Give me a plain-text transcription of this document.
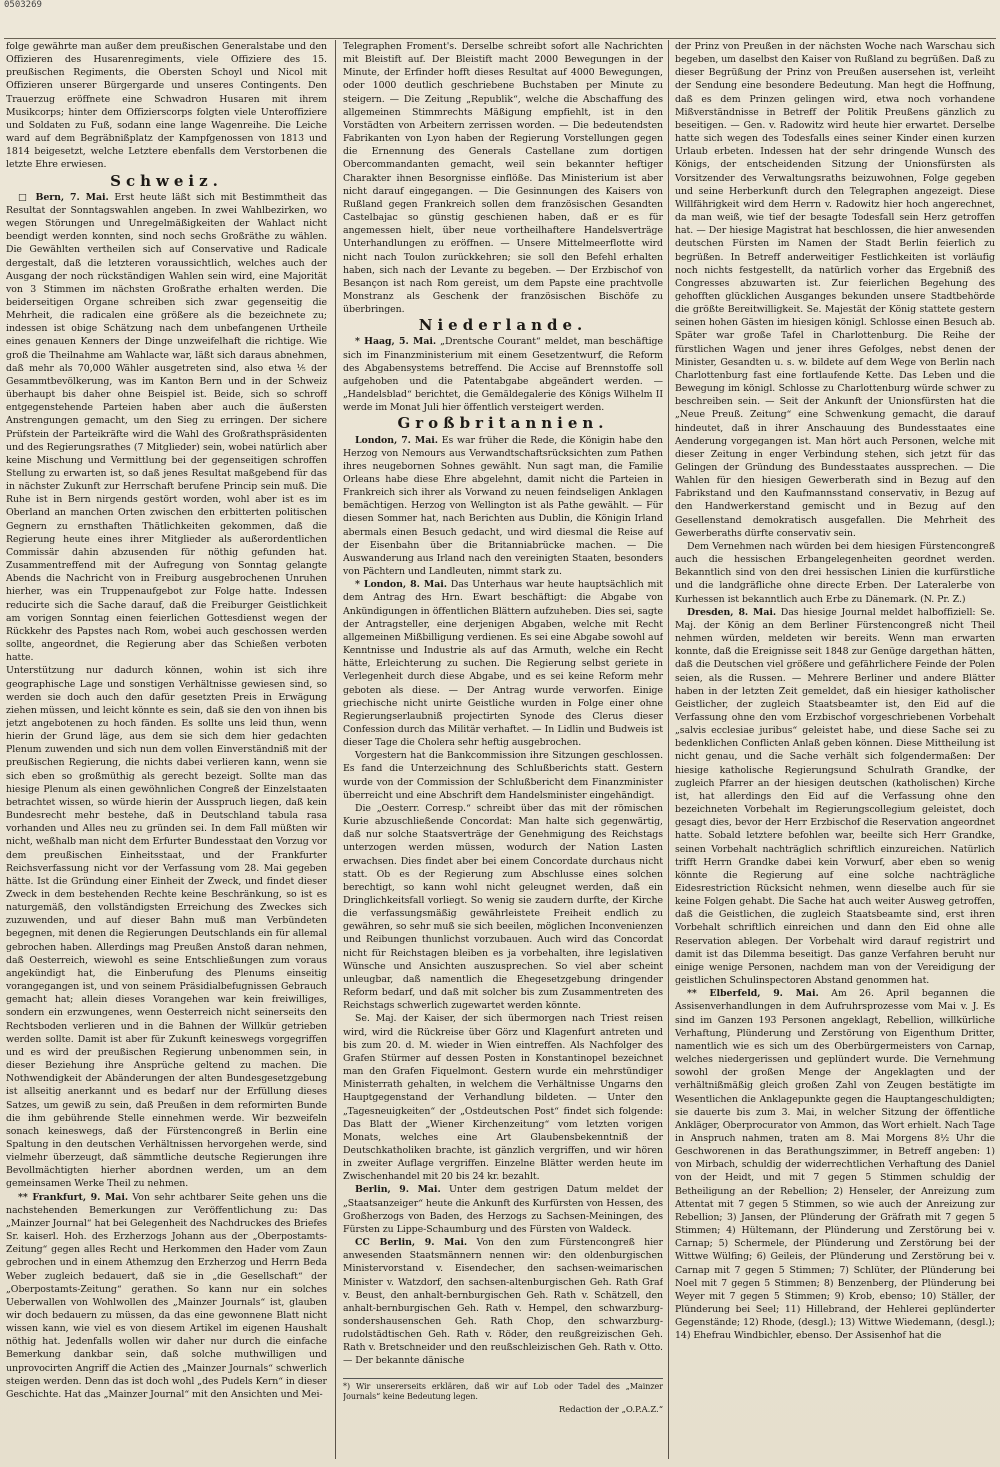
0503269

folge gewährte man außer dem preußischen Generalstabe und den Offizieren des Husarenregiments, viele Offiziere des 15. preußischen Regiments, die Obersten Schoyl und Nicol mit Offizieren unserer Bürgergarde und unseres Contingents. Den Trauerzug eröffnete eine Schwadron Husaren mit ihrem Musikcorps; hinter dem Offizierscorps folgten viele Unteroffiziere und Soldaten zu Fuß, sodann eine lange Wagenreihe. Die Leiche ward auf dem Begräbnißplatz der Kampfgenossen von 1813 und 1814 beigesetzt, welche Letztere ebenfalls dem Verstorbenen die letzte Ehre erwiesen.

Schweiz.

□ Bern, 7. Mai. Erst heute läßt sich mit Bestimmtheit das Resultat der Sonntagswahlen angeben. In zwei Wahlbezirken, wo wegen Störungen und Unregelmäßigkeiten der Wahlact nicht beendigt werden konnten, sind noch sechs Großräthe zu wählen. Die Gewählten vertheilen sich auf Conservative und Radicale dergestalt, daß die letzteren voraussichtlich, welches auch der Ausgang der noch rückständigen Wahlen sein wird, eine Majorität von 3 Stimmen im nächsten Großrathe erhalten werden. Die beiderseitigen Organe schreiben sich zwar gegenseitig die Mehrheit, die radicalen eine größere als die bezeichnete zu; indessen ist obige Schätzung nach dem unbefangenen Urtheile eines genauen Kenners der Dinge unzweifelhaft die richtige. Wie groß die Theilnahme am Wahlacte war, läßt sich daraus abnehmen, daß mehr als 70,000 Wähler ausgetreten sind, also etwa ⅕ der Gesammtbevölkerung, was im Kanton Bern und in der Schweiz überhaupt bis daher ohne Beispiel ist. Beide, sich so schroff entgegenstehende Parteien haben aber auch die äußersten Anstrengungen gemacht, um den Sieg zu erringen. Der sichere Prüfstein der Parteikräfte wird die Wahl des Großrathspräsidenten und des Regierungsrathes (7 Mitglieder) sein, wobei natürlich aber keine Mischung und Vermittlung bei der gegenseitigen schroffen Stellung zu erwarten ist, so daß jenes Resultat maßgebend für das in nächster Zukunft zur Herrschaft berufene Princip sein muß. Die Ruhe ist in Bern nirgends gestört worden, wohl aber ist es im Oberland an manchen Orten zwischen den erbitterten politischen Gegnern zu ernsthaften Thätlichkeiten gekommen, daß die Regierung heute eines ihrer Mitglieder als außerordentlichen Commissär dahin abzusenden für nöthig gefunden hat. Zusammentreffend mit der Aufregung von Sonntag gelangte Abends die Nachricht von in Freiburg ausgebrochenen Unruhen hierher, was ein Truppenaufgebot zur Folge hatte. Indessen reducirte sich die Sache darauf, daß die Freiburger Geistlichkeit am vorigen Sonntag einen feierlichen Gottesdienst wegen der Rückkehr des Papstes nach Rom, wobei auch geschossen werden sollte, angeordnet, die Regierung aber das Schießen verboten hatte.

Unterstützung nur dadurch können, wohin ist sich ihre geographische Lage und sonstigen Verhältnisse gewiesen sind, so werden sie doch auch den dafür gesetzten Preis in Erwägung ziehen müssen, und leicht könnte es sein, daß sie den von ihnen bis jetzt angebotenen zu hoch fänden. Es sollte uns leid thun, wenn hierin der Grund läge, aus dem sie sich dem hier gedachten Plenum zuwenden und sich nun dem vollen Einverständniß mit der preußischen Regierung, die nichts dabei verlieren kann, wenn sie sich eben so großmüthig als gerecht bezeigt. Sollte man das hiesige Plenum als einen gewöhnlichen Congreß der Einzelstaaten betrachtet wissen, so würde hierin der Ausspruch liegen, daß kein Bundesrecht mehr bestehe, daß in Deutschland tabula rasa vorhanden und Alles neu zu gründen sei. In dem Fall müßten wir nicht, weßhalb man nicht dem Erfurter Bundesstaat den Vorzug vor dem preußischen Einheitsstaat, und der Frankfurter Reichsverfassung nicht vor der Verfassung vom 28. Mai gegeben hätte. Ist die Gründung einer Einheit der Zweck, und findet dieser Zweck in dem bestehenden Rechte keine Beschränkung, so ist es naturgemäß, den vollständigsten Erreichung des Zweckes sich zuzuwenden, und auf dieser Bahn muß man Verbündeten begegnen, mit denen die Regierungen Deutschlands ein für allemal gebrochen haben. Allerdings mag Preußen Anstoß daran nehmen, daß Oesterreich, wiewohl es seine Entschließungen zum voraus angekündigt hat, die Einberufung des Plenums einseitig vorangegangen ist, und von seinem Präsidialbefugnissen Gebrauch gemacht hat; allein dieses Vorangehen war kein freiwilliges, sondern ein erzwungenes, wenn Oesterreich nicht seinerseits den Rechtsboden verlieren und in die Bahnen der Willkür getrieben werden sollte. Damit ist aber für Zukunft keineswegs vorgegriffen und es wird der preußischen Regierung unbenommen sein, in dieser Beziehung ihre Ansprüche geltend zu machen. Die Nothwendigkeit der Abänderungen der alten Bundesgesetzgebung ist allseitig anerkannt und es bedarf nur der Erfüllung dieses Satzes, um gewiß zu sein, daß Preußen in dem reformirten Bunde die ihm gebührende Stelle einnehmen werde. Wir bezweifeln sonach keineswegs, daß der Fürstencongreß in Berlin eine Spaltung in den deutschen Verhältnissen hervorgehen werde, sind vielmehr überzeugt, daß sämmtliche deutsche Regierungen ihre Bevollmächtigten hierher abordnen werden, um an dem gemeinsamen Werke Theil zu nehmen.

** Frankfurt, 9. Mai. Von sehr achtbarer Seite gehen uns die nachstehenden Bemerkungen zur Veröffentlichung zu: Das „Mainzer Journal“ hat bei Gelegenheit des Nachdruckes des Briefes Sr. kaiserl. Hoh. des Erzherzogs Johann aus der „Oberpostamts-Zeitung“ gegen alles Recht und Herkommen den Hader vom Zaun gebrochen und in einem Athemzug den Erzherzog und Herrn Beda Weber zugleich bedauert, daß sie in „die Gesellschaft“ der „Oberpostamts-Zeitung“ gerathen. So kann nur ein solches Ueberwallen von Wohlwollen des „Mainzer Journals“ ist, glauben wir doch bedauern zu müssen, da das eine gewonnene Blatt nicht wissen kann, wie viel es von diesem Artikel im eigenen Haushalt nöthig hat. Jedenfalls wollen wir daher nur durch die einfache Bemerkung dankbar sein, daß solche muthwilligen und unprovocirten Angriff die Actien des „Mainzer Journals“ schwerlich steigen werden. Denn das ist doch wohl „des Pudels Kern“ in dieser Geschichte. Hat das „Mainzer Journal“ mit den Ansichten und Mei-

Telegraphen Froment's. Derselbe schreibt sofort alle Nachrichten mit Bleistift auf. Der Bleistift macht 2000 Bewegungen in der Minute, der Erfinder hofft dieses Resultat auf 4000 Bewegungen, oder 1000 deutlich geschriebene Buchstaben per Minute zu steigern. — Die Zeitung „Republik“, welche die Abschaffung des allgemeinen Stimmrechts Mäßigung empfiehlt, ist in den Vorstädten von Arbeitern zerrissen worden. — Die bedeutendsten Fabrikanten von Lyon haben der Regierung Vorstellungen gegen die Ernennung des Generals Castellane zum dortigen Obercommandanten gemacht, weil sein bekannter heftiger Charakter ihnen Besorgnisse einflöße. Das Ministerium ist aber nicht darauf eingegangen. — Die Gesinnungen des Kaisers von Rußland gegen Frankreich sollen dem französischen Gesandten Castelbajac so günstig geschienen haben, daß er es für angemessen hielt, über neue vortheilhaftere Handelsverträge Unterhandlungen zu eröffnen. — Unsere Mittelmeerflotte wird nicht nach Toulon zurückkehren; sie soll den Befehl erhalten haben, sich nach der Levante zu begeben. — Der Erzbischof von Besançon ist nach Rom gereist, um dem Papste eine prachtvolle Monstranz als Geschenk der französischen Bischöfe zu überbringen.

Niederlande.

* Haag, 5. Mai. „Drentsche Courant“ meldet, man beschäftige sich im Finanzministerium mit einem Gesetzentwurf, die Reform des Abgabensystems betreffend. Die Accise auf Brennstoffe soll aufgehoben und die Patentabgabe abgeändert werden. — „Handelsblad“ berichtet, die Gemäldegalerie des Königs Wilhelm II werde im Monat Juli hier öffentlich versteigert werden.

Großbritannien.

London, 7. Mai. Es war früher die Rede, die Königin habe den Herzog von Nemours aus Verwandtschaftsrücksichten zum Pathen ihres neugebornen Sohnes gewählt. Nun sagt man, die Familie Orleans habe diese Ehre abgelehnt, damit nicht die Parteien in Frankreich sich ihrer als Vorwand zu neuen feindseligen Anklagen bemächtigen. Herzog von Wellington ist als Pathe gewählt. — Für diesen Sommer hat, nach Berichten aus Dublin, die Königin Irland abermals einen Besuch gedacht, und wird diesmal die Reise auf der Eisenbahn über die Britanniabrücke machen. — Die Auswanderung aus Irland nach den vereinigten Staaten, besonders von Pächtern und Landleuten, nimmt stark zu.

* London, 8. Mai. Das Unterhaus war heute hauptsächlich mit dem Antrag des Hrn. Ewart beschäftigt: die Abgabe von Ankündigungen in öffentlichen Blättern aufzuheben. Dies sei, sagte der Antragsteller, eine derjenigen Abgaben, welche mit Recht allgemeinen Mißbilligung verdienen. Es sei eine Abgabe sowohl auf Kenntnisse und Industrie als auf das Armuth, welche ein Recht hätte, Erleichterung zu suchen. Die Regierung selbst geriete in Verlegenheit durch diese Abgabe, und es sei keine Reform mehr geboten als diese. — Der Antrag wurde verworfen. Einige griechische nicht unirte Geistliche wurden in Folge einer ohne Regierungserlaubniß projectirten Synode des Clerus dieser Confession durch das Militär verhaftet. — In Lidlin und Budweis ist dieser Tage die Cholera sehr heftig ausgebrochen.

Vorgestern hat die Bankcommission ihre Sitzungen geschlossen. Es fand die Unterzeichnung des Schlußberichts statt. Gestern wurde von der Commission der Schlußbericht dem Finanzminister überreicht und eine Abschrift dem Handelsminister eingehändigt.

Die „Oesterr. Corresp.“ schreibt über das mit der römischen Kurie abzuschließende Concordat: Man halte sich gegenwärtig, daß nur solche Staatsverträge der Genehmigung des Reichstags unterzogen werden müssen, wodurch der Nation Lasten erwachsen. Dies findet aber bei einem Concordate durchaus nicht statt. Ob es der Regierung zum Abschlusse eines solchen berechtigt, so kann wohl nicht geleugnet werden, daß ein Dringlichkeitsfall vorliegt. So wenig sie zaudern durfte, der Kirche die verfassungsmäßig gewährleistete Freiheit endlich zu gewähren, so sehr muß sie sich beeilen, möglichen Inconvenienzen und Reibungen thunlichst vorzubauen. Auch wird das Concordat nicht für Reichstagen bleiben es ja vorbehalten, ihre legislativen Wünsche und Ansichten auszusprechen. So viel aber scheint unleugbar, daß namentlich die Ehegesetzgebung dringender Reform bedarf, und daß mit solcher bis zum Zusammentreten des Reichstags schwerlich zugewartet werden könnte.

Se. Maj. der Kaiser, der sich übermorgen nach Triest reisen wird, wird die Rückreise über Görz und Klagenfurt antreten und bis zum 20. d. M. wieder in Wien eintreffen. Als Nachfolger des Grafen Stürmer auf dessen Posten in Konstantinopel bezeichnet man den Grafen Fiquelmont. Gestern wurde ein mehrstündiger Ministerrath gehalten, in welchem die Verhältnisse Ungarns den Hauptgegenstand der Verhandlung bildeten. — Unter den „Tagesneuigkeiten“ der „Ostdeutschen Post“ findet sich folgende: Das Blatt der „Wiener Kirchenzeitung“ vom letzten vorigen Monats, welches eine Art Glaubensbekenntniß der Deutschkatholiken brachte, ist gänzlich vergriffen, und wir hören in zweiter Auflage vergriffen. Einzelne Blätter werden heute im Zwischenhandel mit 20 bis 24 kr. bezahlt.

Berlin, 9. Mai. Unter dem gestrigen Datum meldet der „Staatsanzeiger“ heute die Ankunft des Kurfürsten von Hessen, des Großherzogs von Baden, des Herzogs zu Sachsen-Meiningen, des Fürsten zu Lippe-Schaumburg und des Fürsten von Waldeck.

CC Berlin, 9. Mai. Von den zum Fürstencongreß hier anwesenden Staatsmännern nennen wir: den oldenburgischen Ministervorstand v. Eisendecher, den sachsen-weimarischen Minister v. Watzdorf, den sachsen-altenburgischen Geh. Rath Graf v. Beust, den anhalt-bernburgischen Geh. Rath v. Schätzell, den anhalt-bernburgischen Geh. Rath v. Hempel, den schwarzburg-sondershausenschen Geh. Rath Chop, den schwarzburg-rudolstädtischen Geh. Rath v. Röder, den reußgreizischen Geh. Rath v. Bretschneider und den reußschleizischen Geh. Rath v. Otto. — Der bekannte dänische

*) Wir unsererseits erklären, daß wir auf Lob oder Tadel des „Mainzer Journals“ keine Bedeutung legen.
Redaction der „O.P.A.Z.“

der Prinz von Preußen in der nächsten Woche nach Warschau sich begeben, um daselbst den Kaiser von Rußland zu begrüßen. Daß zu dieser Begrüßung der Prinz von Preußen ausersehen ist, verleiht der Sendung eine besondere Bedeutung. Man hegt die Hoffnung, daß es dem Prinzen gelingen wird, etwa noch vorhandene Mißverständnisse in Betreff der Politik Preußens gänzlich zu beseitigen. — Gen. v. Radowitz wird heute hier erwartet. Derselbe hatte sich wegen des Todesfalls eines seiner Kinder einen kurzen Urlaub erbeten. Indessen hat der sehr dringende Wunsch des Königs, der entscheidenden Sitzung der Unionsfürsten als Vorsitzender des Verwaltungsraths beizuwohnen, Folge gegeben und seine Herberkunft durch den Telegraphen angezeigt. Diese Willfährigkeit wird dem Herrn v. Radowitz hier hoch angerechnet, da man weiß, wie tief der besagte Todesfall sein Herz getroffen hat. — Der hiesige Magistrat hat beschlossen, die hier anwesenden deutschen Fürsten im Namen der Stadt Berlin feierlich zu begrüßen. In Betreff anderweitiger Festlichkeiten ist vorläufig noch nichts festgestellt, da natürlich vorher das Ergebniß des Congresses abzuwarten ist. Zur feierlichen Begehung des gehofften glücklichen Ausganges bekunden unsere Stadtbehörde die größte Bereitwilligkeit. Se. Majestät der König stattete gestern seinen hohen Gästen im hiesigen königl. Schlosse einen Besuch ab. Später war große Tafel in Charlottenburg. Die Reihe der fürstlichen Wagen und jener ihres Gefolges, nebst denen der Minister, Gesandten u. s. w. bildete auf dem Wege von Berlin nach Charlottenburg fast eine fortlaufende Kette. Das Leben und die Bewegung im königl. Schlosse zu Charlottenburg würde schwer zu beschreiben sein. — Seit der Ankunft der Unionsfürsten hat die „Neue Preuß. Zeitung“ eine Schwenkung gemacht, die darauf hindeutet, daß in ihrer Anschauung des Bundesstaates eine Aenderung vorgegangen ist. Man hört auch Personen, welche mit dieser Zeitung in enger Verbindung stehen, sich jetzt für das Gelingen der Gründung des Bundesstaates aussprechen. — Die Wahlen für den hiesigen Gewerberath sind in Bezug auf den Fabrikstand und den Kaufmannsstand conservativ, in Bezug auf den Handwerkerstand gemischt und in Bezug auf den Gesellenstand demokratisch ausgefallen. Die Mehrheit des Gewerberaths dürfte conservativ sein.

Dem Vernehmen nach würden bei dem hiesigen Fürstencongreß auch die hessischen Erbangelegenheiten geordnet werden. Bekanntlich sind von den drei hessischen Linien die kurfürstliche und die landgräfliche ohne directe Erben. Der Lateralerbe von Kurhessen ist bekanntlich auch Erbe zu Dänemark. (N. Pr. Z.)

Dresden, 8. Mai. Das hiesige Journal meldet halboffiziell: Se. Maj. der König an dem Berliner Fürstencongreß nicht Theil nehmen würden, meldeten wir bereits. Wenn man erwarten konnte, daß die Ereignisse seit 1848 zur Genüge dargethan hätten, daß die Deutschen viel größere und gefährlichere Feinde der Polen seien, als die Russen. — Mehrere Berliner und andere Blätter haben in der letzten Zeit gemeldet, daß ein hiesiger katholischer Geistlicher, der zugleich Staatsbeamter ist, den Eid auf die Verfassung ohne den vom Erzbischof vorgeschriebenen Vorbehalt „salvis ecclesiae juribus“ geleistet habe, und diese Sache sei zu bedenklichen Conflicten Anlaß geben können. Diese Mittheilung ist nicht genau, und die Sache verhält sich folgendermaßen: Der hiesige katholische Regierungsund Schulrath Grandke, der zugleich Pfarrer an der hiesigen deutschen (katholischen) Kirche ist, hat allerdings den Eid auf die Verfassung ohne den bezeichneten Vorbehalt im Regierungscollegium geleistet, doch gesagt dies, bevor der Herr Erzbischof die Reservation angeordnet hatte. Sobald letztere befohlen war, beeilte sich Herr Grandke, seinen Vorbehalt nachträglich schriftlich einzureichen. Natürlich trifft Herrn Grandke dabei kein Vorwurf, aber eben so wenig könnte die Regierung auf eine solche nachträgliche Eidesrestriction Rücksicht nehmen, wenn dieselbe auch für sie keine Folgen gehabt. Die Sache hat auch weiter Ausweg getroffen, daß die Geistlichen, die zugleich Staatsbeamte sind, erst ihren Vorbehalt schriftlich einreichen und dann den Eid ohne alle Reservation ablegen. Der Vorbehalt wird darauf registrirt und damit ist das Dilemma beseitigt. Das ganze Verfahren beruht nur einige wenige Personen, nachdem man von der Vereidigung der geistlichen Schulinspectoren Abstand genommen hat.

** Elberfeld, 9. Mai. Am 26. April begannen die Assisenverhandlungen in dem Aufruhrsprozesse vom Mai v. J. Es sind im Ganzen 193 Personen angeklagt, Rebellion, willkürliche Verhaftung, Plünderung und Zerstörung von Eigenthum Dritter, namentlich wie es sich um des Oberbürgermeisters von Carnap, welches niedergerissen und geplündert wurde. Die Vernehmung sowohl der großen Menge der Angeklagten und der verhältnißmäßig gleich großen Zahl von Zeugen bestätigte im Wesentlichen die Anklagepunkte gegen die Hauptangeschuldigten; sie dauerte bis zum 3. Mai, in welcher Sitzung der öffentliche Ankläger, Oberprocurator von Ammon, das Wort erhielt. Nach Tage in Anspruch nahmen, traten am 8. Mai Morgens 8½ Uhr die Geschworenen in das Berathungszimmer, in Betreff angeben: 1) von Mirbach, schuldig der widerrechtlichen Verhaftung des Daniel von der Heidt, und mit 7 gegen 5 Stimmen schuldig der Betheiligung an der Rebellion; 2) Henseler, der Anreizung zum Attentat mit 7 gegen 5 Stimmen, so wie auch der Anreizung zur Rebellion; 3) Jansen, der Plünderung der Gräfrath mit 7 gegen 5 Stimmen; 4) Hültemann, der Plünderung und Zerstörung bei v. Carnap; 5) Schermele, der Plünderung und Zerstörung bei der Wittwe Wülfing; 6) Geileis, der Plünderung und Zerstörung bei v. Carnap mit 7 gegen 5 Stimmen; 7) Schlüter, der Plünderung bei Noel mit 7 gegen 5 Stimmen; 8) Benzenberg, der Plünderung bei Weyer mit 7 gegen 5 Stimmen; 9) Krob, ebenso; 10) Ställer, der Plünderung bei Seel; 11) Hillebrand, der Hehlerei geplünderter Gegenstände; 12) Rhode, (desgl.); 13) Wittwe Wiedemann, (desgl.); 14) Ehefrau Windbichler, ebenso. Der Assisenhof hat die
